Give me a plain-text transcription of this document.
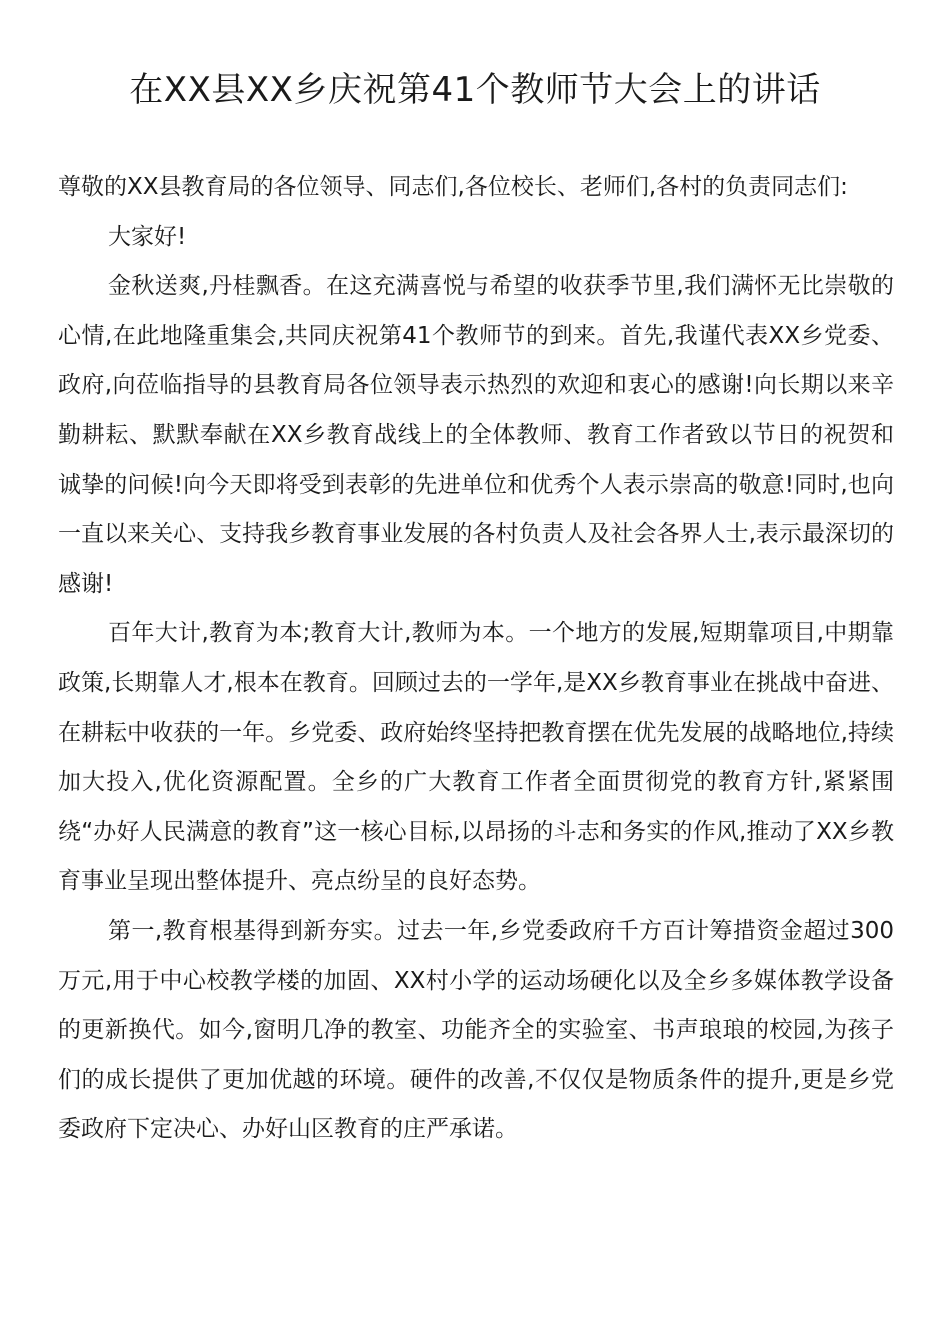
在XX县XX乡庆祝第41个教师节大会上的讲话

尊敬的XX县教育局的各位领导、同志们,各位校长、老师们,各村的负责同志们:

大家好!

金秋送爽,丹桂飘香。在这充满喜悦与希望的收获季节里,我们满怀无比崇敬的心情,在此地隆重集会,共同庆祝第41个教师节的到来。首先,我谨代表XX乡党委、政府,向莅临指导的县教育局各位领导表示热烈的欢迎和衷心的感谢!向长期以来辛勤耕耘、默默奉献在XX乡教育战线上的全体教师、教育工作者致以节日的祝贺和诚挚的问候!向今天即将受到表彰的先进单位和优秀个人表示崇高的敬意!同时,也向一直以来关心、支持我乡教育事业发展的各村负责人及社会各界人士,表示最深切的感谢!

百年大计,教育为本;教育大计,教师为本。一个地方的发展,短期靠项目,中期靠政策,长期靠人才,根本在教育。回顾过去的一学年,是XX乡教育事业在挑战中奋进、在耕耘中收获的一年。乡党委、政府始终坚持把教育摆在优先发展的战略地位,持续加大投入,优化资源配置。全乡的广大教育工作者全面贯彻党的教育方针,紧紧围绕“办好人民满意的教育”这一核心目标,以昂扬的斗志和务实的作风,推动了XX乡教育事业呈现出整体提升、亮点纷呈的良好态势。

第一,教育根基得到新夯实。过去一年,乡党委政府千方百计筹措资金超过300万元,用于中心校教学楼的加固、XX村小学的运动场硬化以及全乡多媒体教学设备的更新换代。如今,窗明几净的教室、功能齐全的实验室、书声琅琅的校园,为孩子们的成长提供了更加优越的环境。硬件的改善,不仅仅是物质条件的提升,更是乡党委政府下定决心、办好山区教育的庄严承诺。
